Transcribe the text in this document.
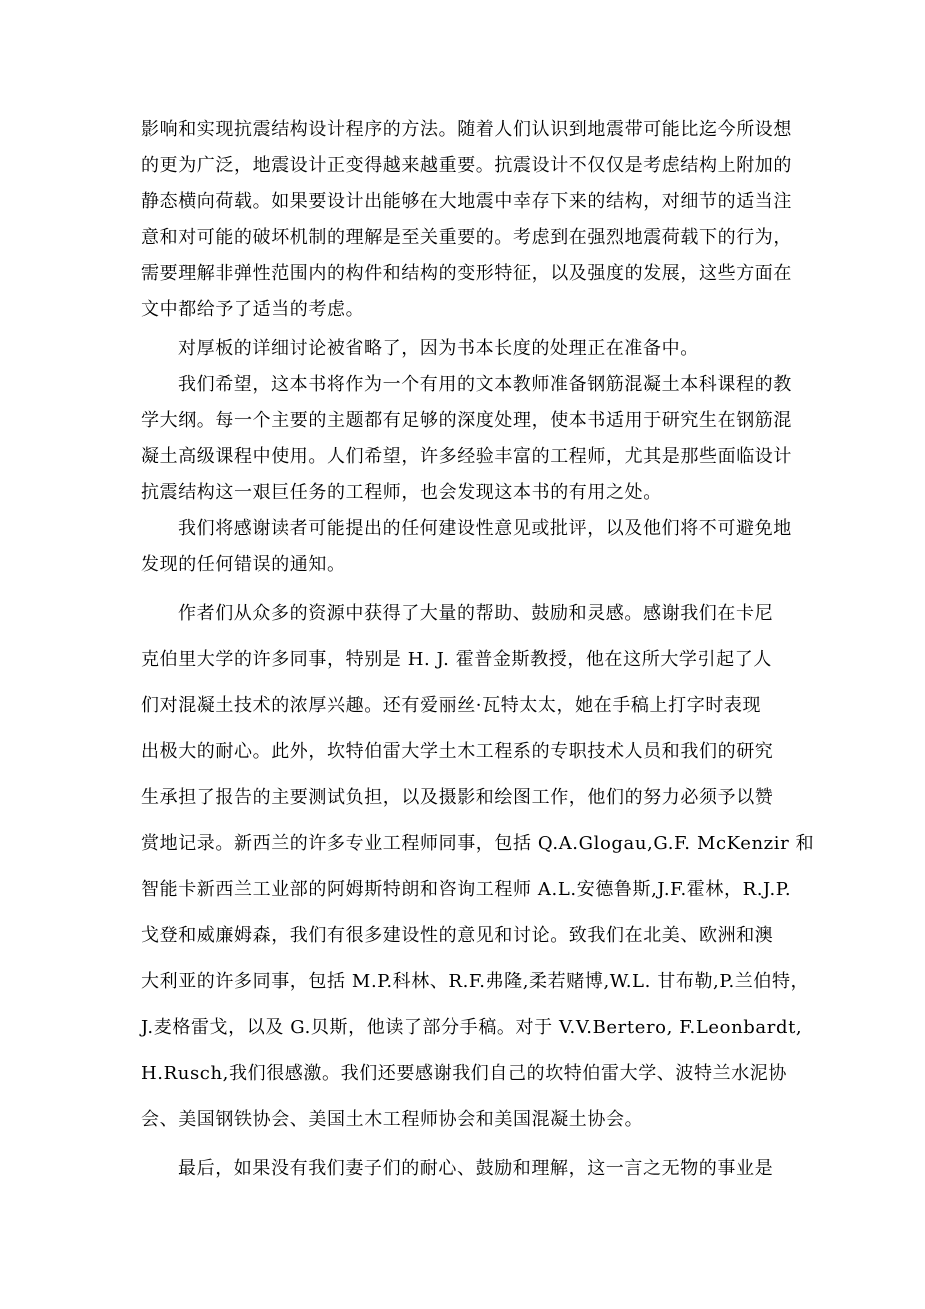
影响和实现抗震结构设计程序的方法。随着人们认识到地震带可能比迄今所设想
的更为广泛，地震设计正变得越来越重要。抗震设计不仅仅是考虑结构上附加的
静态横向荷载。如果要设计出能够在大地震中幸存下来的结构，对细节的适当注
意和对可能的破坏机制的理解是至关重要的。考虑到在强烈地震荷载下的行为，
需要理解非弹性范围内的构件和结构的变形特征，以及强度的发展，这些方面在
文中都给予了适当的考虑。
对厚板的详细讨论被省略了，因为书本长度的处理正在准备中。
我们希望，这本书将作为一个有用的文本教师准备钢筋混凝土本科课程的教
学大纲。每一个主要的主题都有足够的深度处理，使本书适用于研究生在钢筋混
凝土高级课程中使用。人们希望，许多经验丰富的工程师，尤其是那些面临设计
抗震结构这一艰巨任务的工程师，也会发现这本书的有用之处。
我们将感谢读者可能提出的任何建设性意见或批评，以及他们将不可避免地
发现的任何错误的通知。
作者们从众多的资源中获得了大量的帮助、鼓励和灵感。感谢我们在卡尼
克伯里大学的许多同事，特别是 H. J. 霍普金斯教授，他在这所大学引起了人
们对混凝土技术的浓厚兴趣。还有爱丽丝·瓦特太太，她在手稿上打字时表现
出极大的耐心。此外，坎特伯雷大学土木工程系的专职技术人员和我们的研究
生承担了报告的主要测试负担，以及摄影和绘图工作，他们的努力必须予以赞
赏地记录。新西兰的许多专业工程师同事，包括 Q.A.Glogau,G.F. McKenzir 和
智能卡新西兰工业部的阿姆斯特朗和咨询工程师 A.L.安德鲁斯,J.F.霍林，R.J.P.
戈登和威廉姆森，我们有很多建设性的意见和讨论。致我们在北美、欧洲和澳
大利亚的许多同事，包括 M.P.科林、R.F.弗隆,柔若赌博,W.L. 甘布勒,P.兰伯特，
J.麦格雷戈，以及 G.贝斯，他读了部分手稿。对于 V.V.Bertero, F.Leonbardt,
H.Rusch,我们很感激。我们还要感谢我们自己的坎特伯雷大学、波特兰水泥协
会、美国钢铁协会、美国土木工程师协会和美国混凝土协会。
最后，如果没有我们妻子们的耐心、鼓励和理解，这一言之无物的事业是
